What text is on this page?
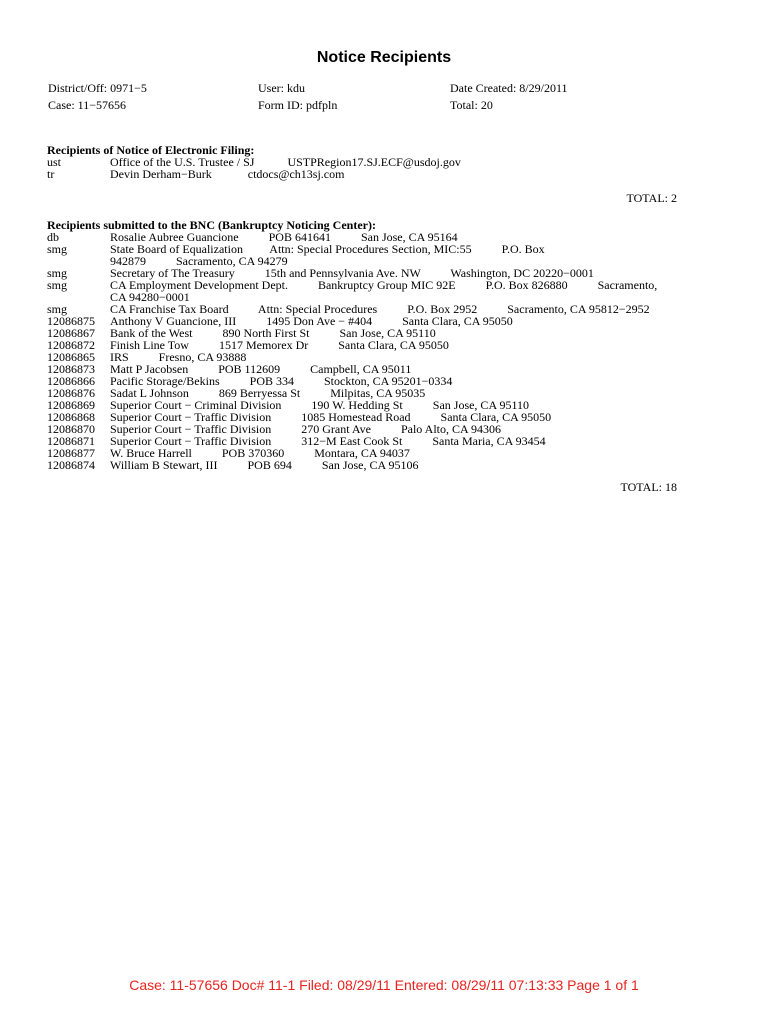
Notice Recipients
District/Off: 0971−5
Case: 11−57656
User: kdu
Form ID: pdfpln
Date Created: 8/29/2011
Total: 20
Recipients of Notice of Electronic Filing:
ust	Office of the U.S. Trustee / SJ           USTPRegion17.SJ.ECF@usdoj.gov
tr	Devin Derham−Burk            ctdocs@ch13sj.com
TOTAL: 2
Recipients submitted to the BNC (Bankruptcy Noticing Center):
db	Rosalie Aubree Guancione          POB 641641          San Jose, CA 95164
smg	State Board of Equalization         Attn: Special Procedures Section, MIC:55          P.O. Box
942879          Sacramento, CA 94279
smg	Secretary of The Treasury          15th and Pennsylvania Ave. NW          Washington, DC 20220−0001
smg	CA Employment Development Dept.          Bankruptcy Group MIC 92E          P.O. Box 826880          Sacramento,
CA 94280−0001
smg	CA Franchise Tax Board          Attn: Special Procedures          P.O. Box 2952          Sacramento, CA 95812−2952
12086875 Anthony V Guancione, III          1495 Don Ave − #404          Santa Clara, CA 95050
12086867 Bank of the West          890 North First St          San Jose, CA 95110
12086872 Finish Line Tow          1517 Memorex Dr          Santa Clara, CA 95050
12086865 IRS          Fresno, CA 93888
12086873 Matt P Jacobsen          POB 112609          Campbell, CA 95011
12086866 Pacific Storage/Bekins          POB 334          Stockton, CA 95201−0334
12086876 Sadat L Johnson          869 Berryessa St          Milpitas, CA 95035
12086869 Superior Court − Criminal Division          190 W. Hedding St          San Jose, CA 95110
12086868 Superior Court − Traffic Division          1085 Homestead Road          Santa Clara, CA 95050
12086870 Superior Court − Traffic Division          270 Grant Ave          Palo Alto, CA 94306
12086871 Superior Court − Traffic Division          312−M East Cook St          Santa Maria, CA 93454
12086877 W. Bruce Harrell          POB 370360          Montara, CA 94037
12086874 William B Stewart, III          POB 694          San Jose, CA 95106
TOTAL: 18
Case: 11-57656 Doc# 11-1 Filed: 08/29/11 Entered: 08/29/11 07:13:33 Page 1 of 1
